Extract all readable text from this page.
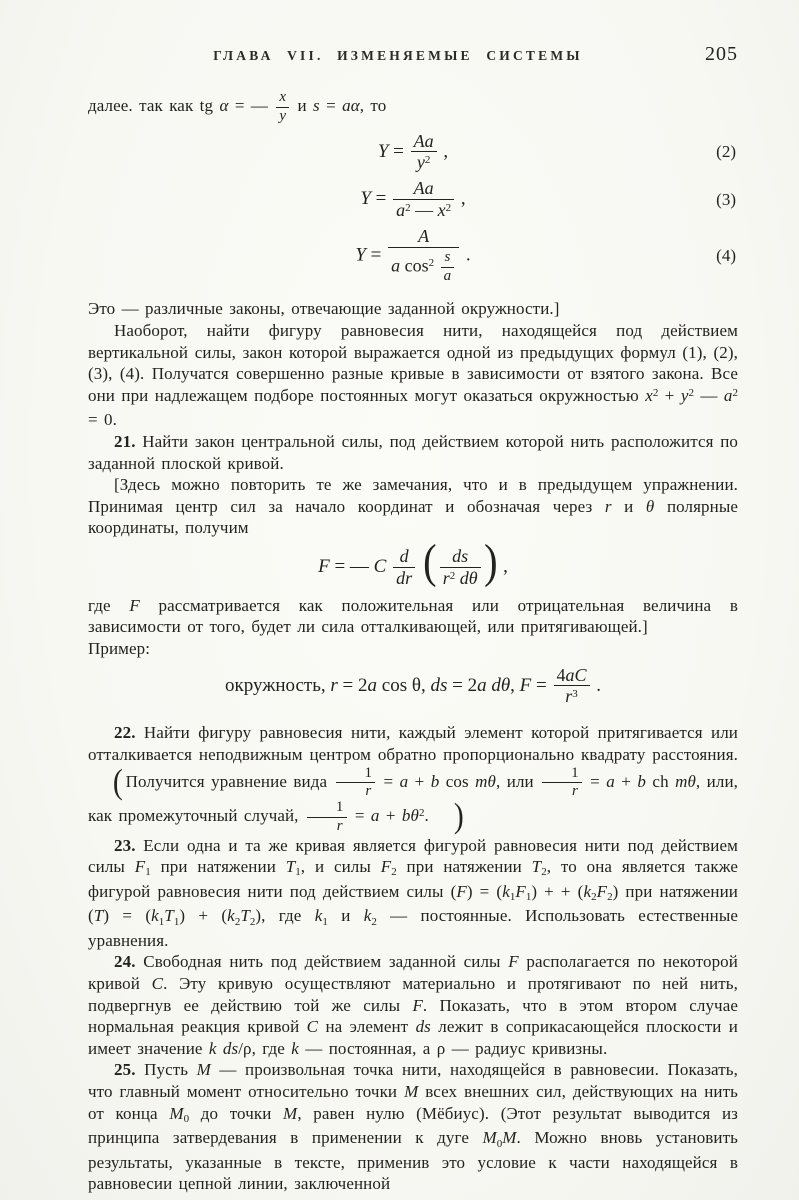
ГЛАВА VII. ИЗМЕНЯЕМЫЕ СИСТЕМЫ	205

далее. так как tg α = — $\frac{x}{y}$ и s = aα, то

$Y = \frac{Aa}{y^2}$ ,	(2)
$Y = \frac{Aa}{a^2 — x^2}$ ,	(3)
$Y = \frac{A}{a \cos^2 \frac{s}{a}}$ .	(4)

Это — различные законы, отвечающие заданной окружности.]

Наоборот, найти фигуру равновесия нити, находящейся под действием вертикальной силы, закон которой выражается одной из предыдущих формул (1), (2), (3), (4). Получатся совершенно разные кривые в зависимости от взятого закона. Все они при надлежащем подборе постоянных могут оказаться окружностью $x^2 + y^2$ — $a^2 = 0$.

21. Найти закон центральной силы, под действием которой нить расположится по заданной плоской кривой.

[Здесь можно повторить те же замечания, что и в предыдущем упражнении. Принимая центр сил за начало координат и обозначая через r и θ полярные координаты, получим

F = — C $\frac{d}{dr}$ ( $\frac{ds}{r^2 d\theta}$ ) ,

где F рассматривается как положительная или отрицательная величина в зависимости от того, будет ли сила отталкивающей, или притягивающей.]

Пример:

окружность, r = 2a cos θ, ds = 2a dθ, $F = \frac{4aC}{r^3}$ .

22. Найти фигуру равновесия нити, каждый элемент которой притягивается или отталкивается неподвижным центром обратно пропорционально квадрату расстояния. ( Получится уравнение вида $\frac{1}{r} = a + b$ cos mθ, или $\frac{1}{r} = a + b$ ch mθ, или, как промежуточный случай, $\frac{1}{r} = a + b\theta^2$. )

23. Если одна и та же кривая является фигурой равновесия нити под действием силы F1 при натяжении T1, и силы F2 при натяжении T2, то она является также фигурой равновесия нити под действием силы (F) = (k1F1) + + (k2F2) при натяжении (T) = (k1T1) + (k2T2), где k1 и k2 — постоянные. Использовать естественные уравнения.

24. Свободная нить под действием заданной силы F располагается по некоторой кривой C. Эту кривую осуществляют материально и протягивают по ней нить, подвергнув ее действию той же силы F. Показать, что в этом втором случае нормальная реакция кривой C на элемент ds лежит в соприкасающейся плоскости и имеет значение k ds/ρ, где k — постоянная, а ρ — радиус кривизны.

25. Пусть M — произвольная точка нити, находящейся в равновесии. Показать, что главный момент относительно точки M всех внешних сил, действующих на нить от конца M0 до точки M, равен нулю (Мёбиус). (Этот результат выводится из принципа затвердевания в применении к дуге M0M. Можно вновь установить результаты, указанные в тексте, применив это условие к части находящейся в равновесии цепной линии, заключенной
